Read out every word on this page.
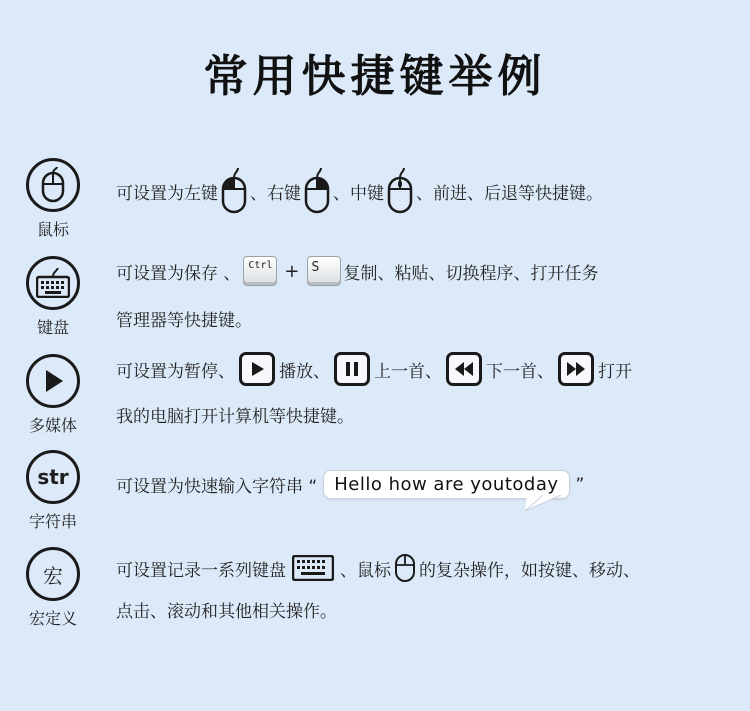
常用快捷键举例
鼠标
可设置为左键 、右键 、中键 、前进、后退等快捷键。
键盘
可设置为保存 、 Ctrl + S	复制、粘贴、切换程序、打开任务
管理器等快捷键。
多媒体
可设置为暂停、	播放、	上一首、	下一首、	打开
我的电脑打开计算机等快捷键。
str
字符串
可设置为快速输入字符串 “ Hello how are youtoday	”
宏
宏定义
可设置记录一系列键盘	、鼠标 的复杂操作，如按键、移动、
点击、滚动和其他相关操作。
